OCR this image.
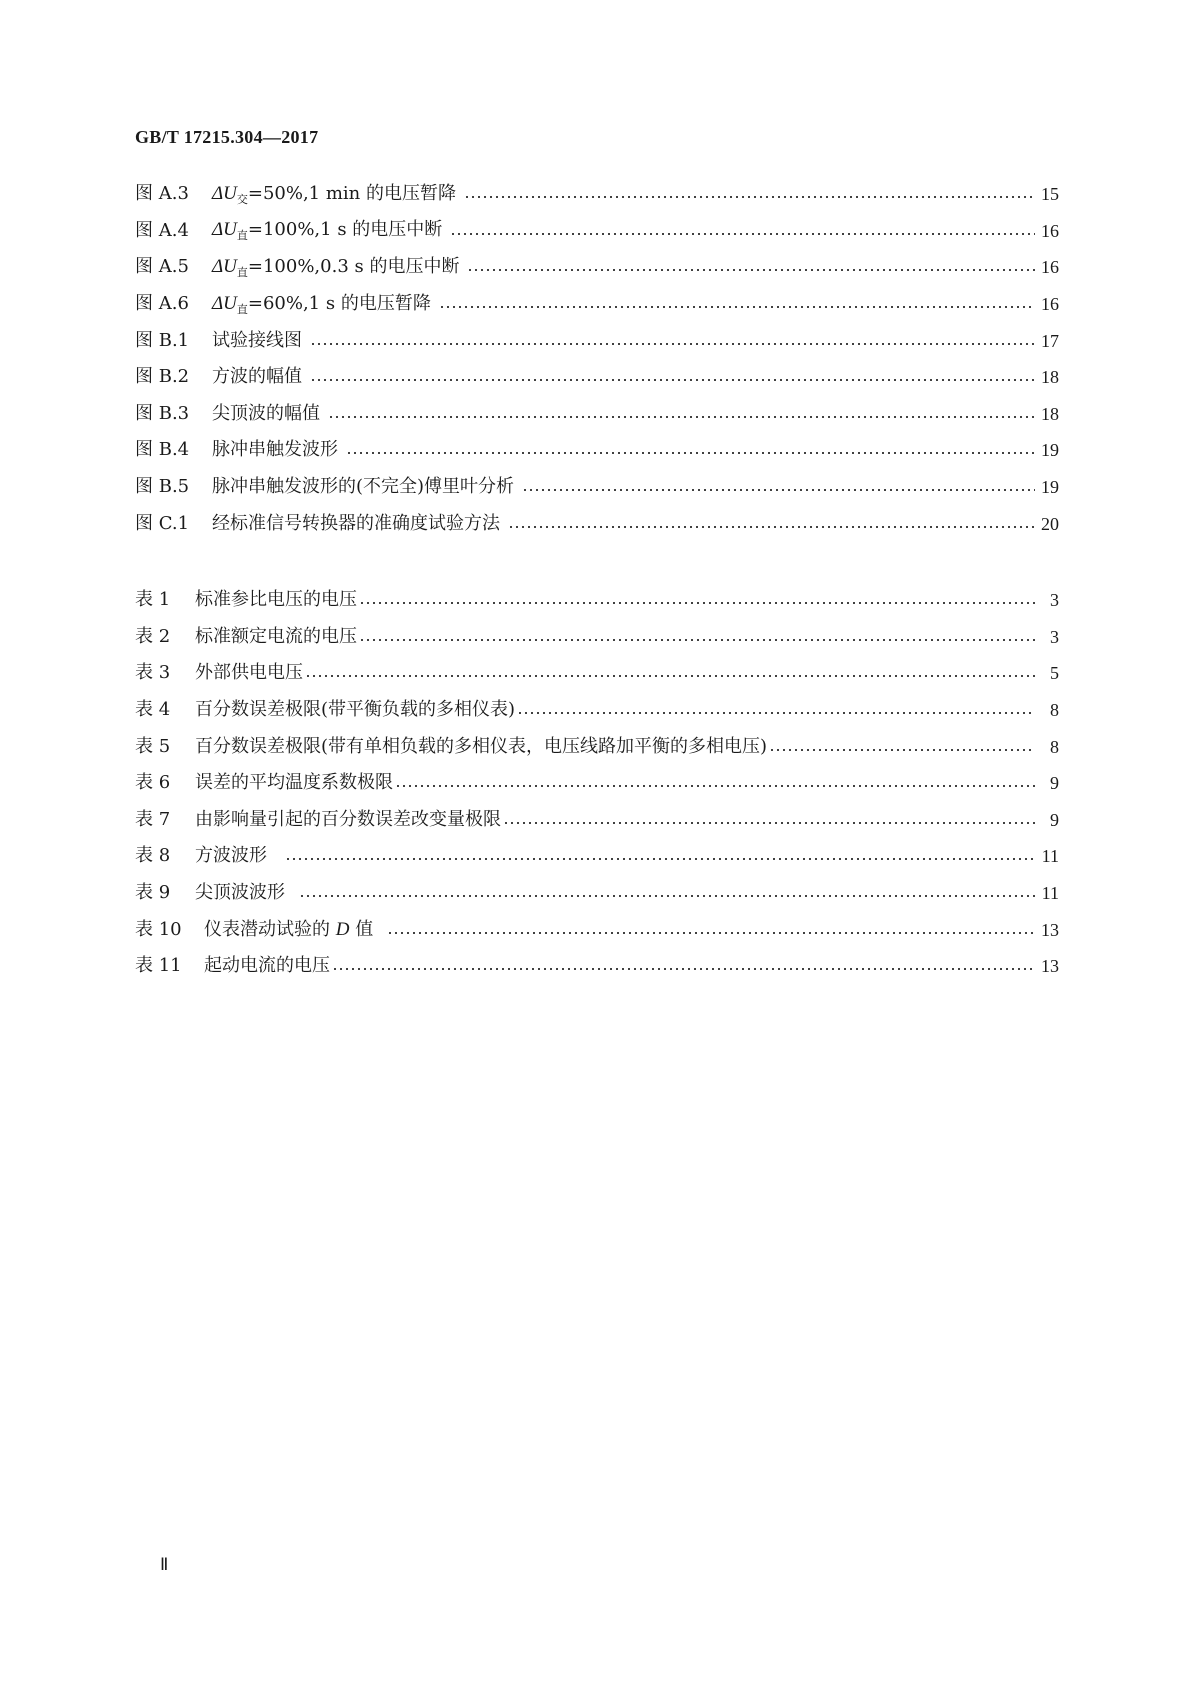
GB/T 17215.304—2017
图 A.3	$\Delta U_交=50\%,1$ min 的电压暂降	15
图 A.4	$\Delta U_直=100\%,1$ s 的电压中断	16
图 A.5	$\Delta U_直=100\%,0.3$ s 的电压中断	16
图 A.6	$\Delta U_直=60\%,1$ s 的电压暂降	16
图 B.1	试验接线图	17
图 B.2	方波的幅值	18
图 B.3	尖顶波的幅值	18
图 B.4	脉冲串触发波形	19
图 B.5	脉冲串触发波形的(不完全)傅里叶分析	19
图 C.1	经标准信号转换器的准确度试验方法	20
表 1	标准参比电压的电压	3
表 2	标准额定电流的电压	3
表 3	外部供电电压	5
表 4	百分数误差极限(带平衡负载的多相仪表)	8
表 5	百分数误差极限(带有单相负载的多相仪表，电压线路加平衡的多相电压)	8
表 6	误差的平均温度系数极限	9
表 7	由影响量引起的百分数误差改变量极限	9
表 8	方波波形	11
表 9	尖顶波波形	11
表 10	仪表潜动试验的 D 值	13
表 11	起动电流的电压	13
Ⅱ
